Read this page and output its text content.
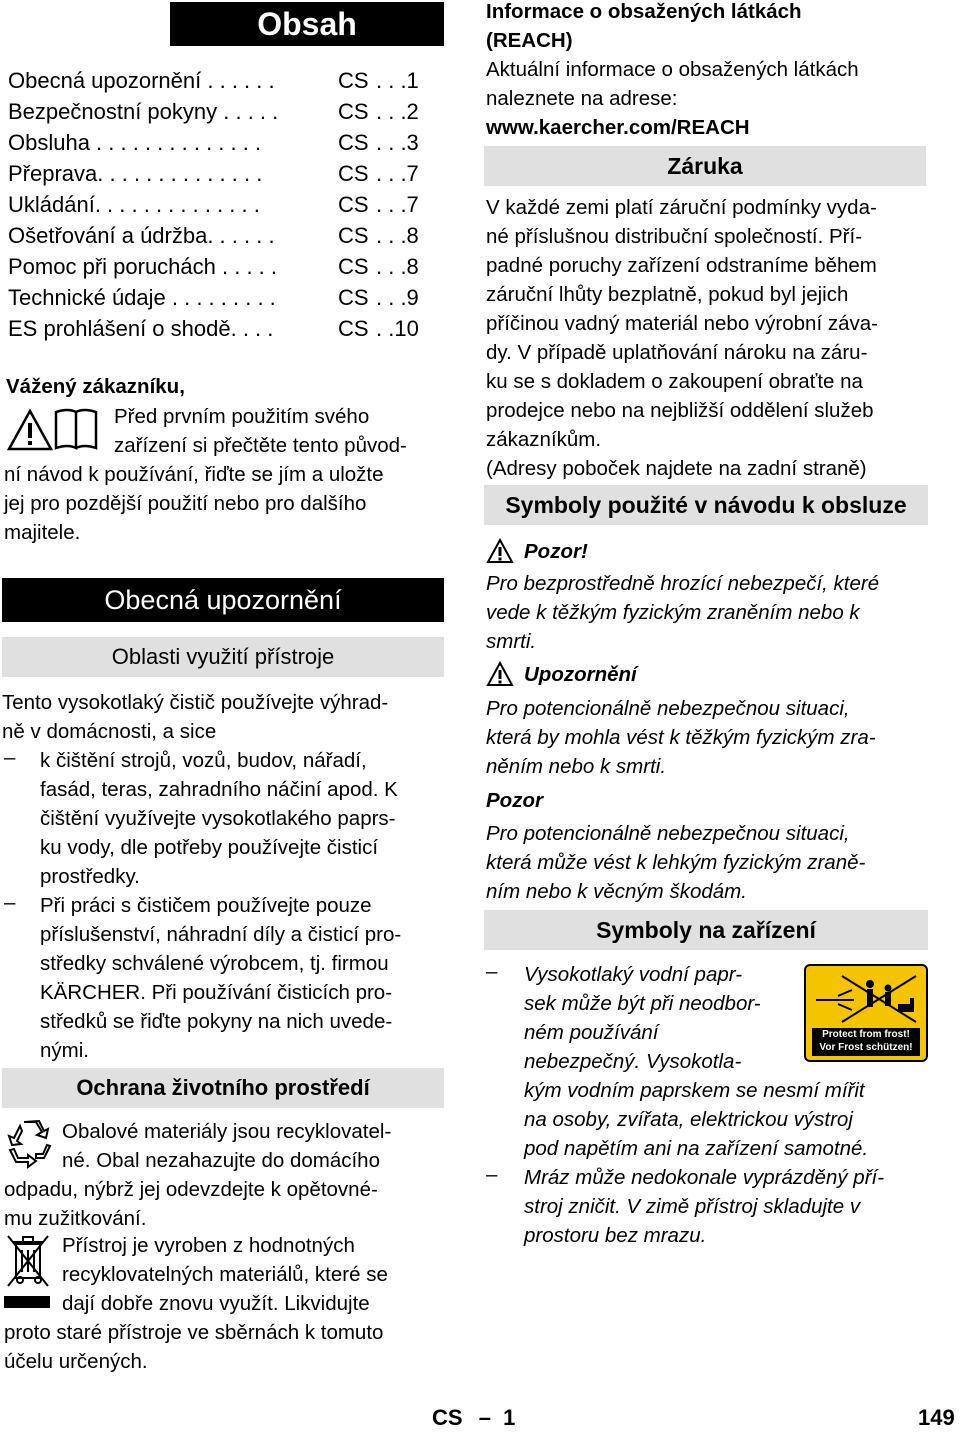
Obsah
Obecná upozornění . . . . . .	CS . . .1
Bezpečnostní pokyny . . . . .	CS . . .2
Obsluha . . . . . . . . . . . . . .	CS . . .3
Přeprava. . . . . . . . . . . . . .	CS . . .7
Ukládání. . . . . . . . . . . . . .	CS . . .7
Ošetřování a údržba. . . . . .	CS . . .8
Pomoc při poruchách . . . . .	CS . . .8
Technické údaje . . . . . . . . .	CS . . .9
ES prohlášení o shodě. . . .	CS . .10
Vážený zákazníku,
Před prvním použitím svého
zařízení si přečtěte tento původ-
ní návod k používání, řiďte se jím a uložte
jej pro pozdější použití nebo pro dalšího
majitele.
Obecná upozornění
Oblasti využití přístroje
Tento vysokotlaký čistič používejte výhrad-
ně v domácnosti, a sice
– k čištění strojů, vozů, budov, nářadí,
fasád, teras, zahradního náčiní apod. K
čištění využívejte vysokotlakého paprs-
ku vody, dle potřeby používejte čisticí
prostředky.
– Při práci s čističem používejte pouze
příslušenství, náhradní díly a čisticí pro-
středky schválené výrobcem, tj. firmou
KÄRCHER. Při používání čisticích pro-
středků se řiďte pokyny na nich uvede-
nými.
Ochrana životního prostředí
Obalové materiály jsou recyklovatel-
né. Obal nezahazujte do domácího
odpadu, nýbrž jej odevzdejte k opětovné-
mu zužitkování.
Přístroj je vyroben z hodnotných
recyklovatelných materiálů, které se
dají dobře znovu využít. Likvidujte
proto staré přístroje ve sběrnách k tomuto
účelu určených.
Informace o obsažených látkách
(REACH)
Aktuální informace o obsažených látkách
naleznete na adrese:
www.kaercher.com/REACH
Záruka
V každé zemi platí záruční podmínky vyda-
né příslušnou distribuční společností. Pří-
padné poruchy zařízení odstraníme během
záruční lhůty bezplatně, pokud byl jejich
příčinou vadný materiál nebo výrobní záva-
dy. V případě uplatňování nároku na záru-
ku se s dokladem o zakoupení obraťte na
prodejce nebo na nejbližší oddělení služeb
zákazníkům.
(Adresy poboček najdete na zadní straně)
Symboly použité v návodu k obsluze
Pozor!
Pro bezprostředně hrozící nebezpečí, které
vede k těžkým fyzickým zraněním nebo k
smrti.
Upozornění
Pro potencionálně nebezpečnou situaci,
která by mohla vést k těžkým fyzickým zra-
něním nebo k smrti.
Pozor
Pro potencionálně nebezpečnou situaci,
která může vést k lehkým fyzickým zraně-
ním nebo k věcným škodám.
Symboly na zařízení
– Vysokotlaký vodní papr-
sek může být při neodbor-
ném používání
nebezpečný. Vysokotla-
kým vodním paprskem se nesmí mířit
na osoby, zvířata, elektrickou výstroj
pod napětím ani na zařízení samotné.
Protect from frost!
Vor Frost schützen!
– Mráz může nedokonale vyprázděný pří-
stroj zničit. V zimě přístroj skladujte v
prostoru bez mrazu.
CS – 1	149
